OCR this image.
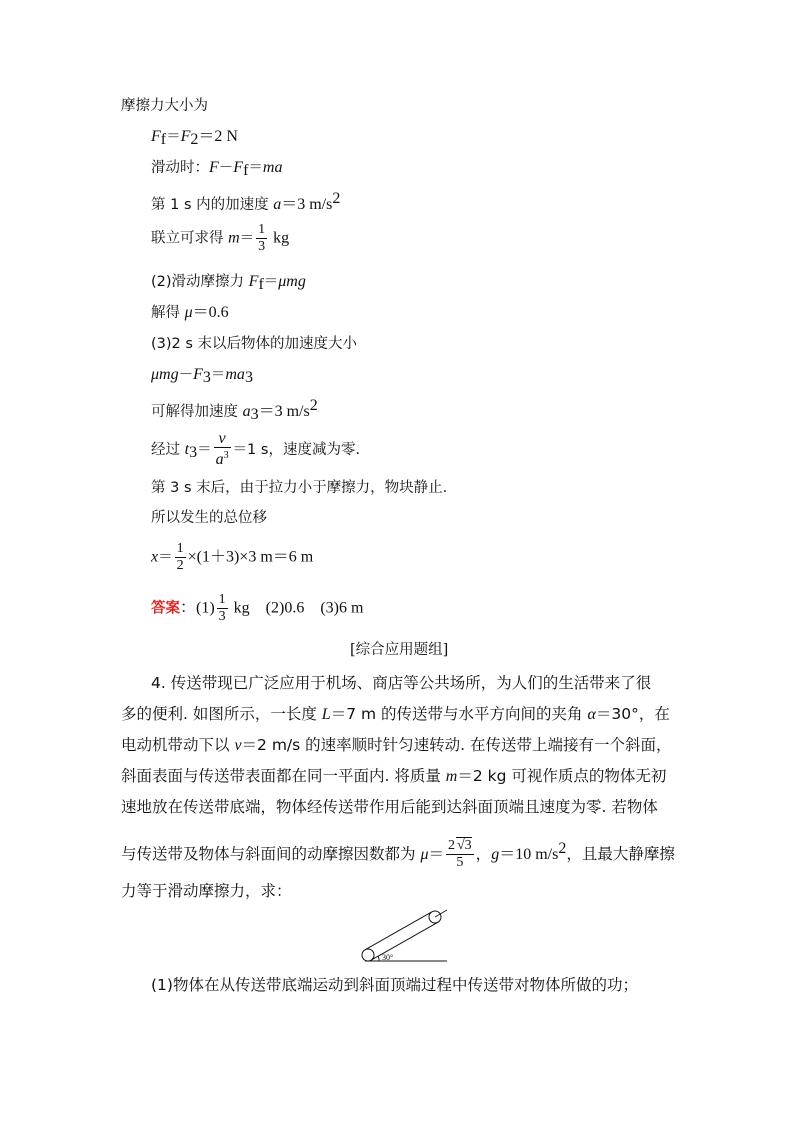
摩擦力大小为
$F_f=F_2=2$ N
滑动时：$F-F_f=ma$
第 1 s 内的加速度 a＝3 $m/s^2$
联立可求得 $m= \frac{1}{3}$ kg
(2)滑动摩擦力 $F_f=\mu mg$
解得 μ＝0.6
(3)2 s 末以后物体的加速度大小
$\mu mg-F_3=ma_3$
可解得加速度 $a_3=3$ $m/s^2$
经过 $t_3= \frac{v}{a^3} =1$ s，速度减为零.
第 3 s 末后，由于拉力小于摩擦力，物块静止.
所以发生的总位移
$x= \frac{1}{2} \times(1+3)\times 3$ m＝6 m
答案：$(1) \frac{1}{3}$ kg　(2)0.6　(3)6 m
[综合应用题组]
4. 传送带现已广泛应用于机场、商店等公共场所，为人们的生活带来了很
多的便利. 如图所示，一长度 L＝7 m 的传送带与水平方向间的夹角 α＝30°，在
电动机带动下以 v＝2 m/s 的速率顺时针匀速转动. 在传送带上端接有一个斜面，
斜面表面与传送带表面都在同一平面内. 将质量 m＝2 kg 可视作质点的物体无初
速地放在传送带底端，物体经传送带作用后能到达斜面顶端且速度为零. 若物体
与传送带及物体与斜面间的动摩擦因数都为 $\mu= \frac{2 √3}{5}$ ，g＝10 $m/s^2$，且最大静摩擦
力等于滑动摩擦力，求：
30°
(1)物体在从传送带底端运动到斜面顶端过程中传送带对物体所做的功；
